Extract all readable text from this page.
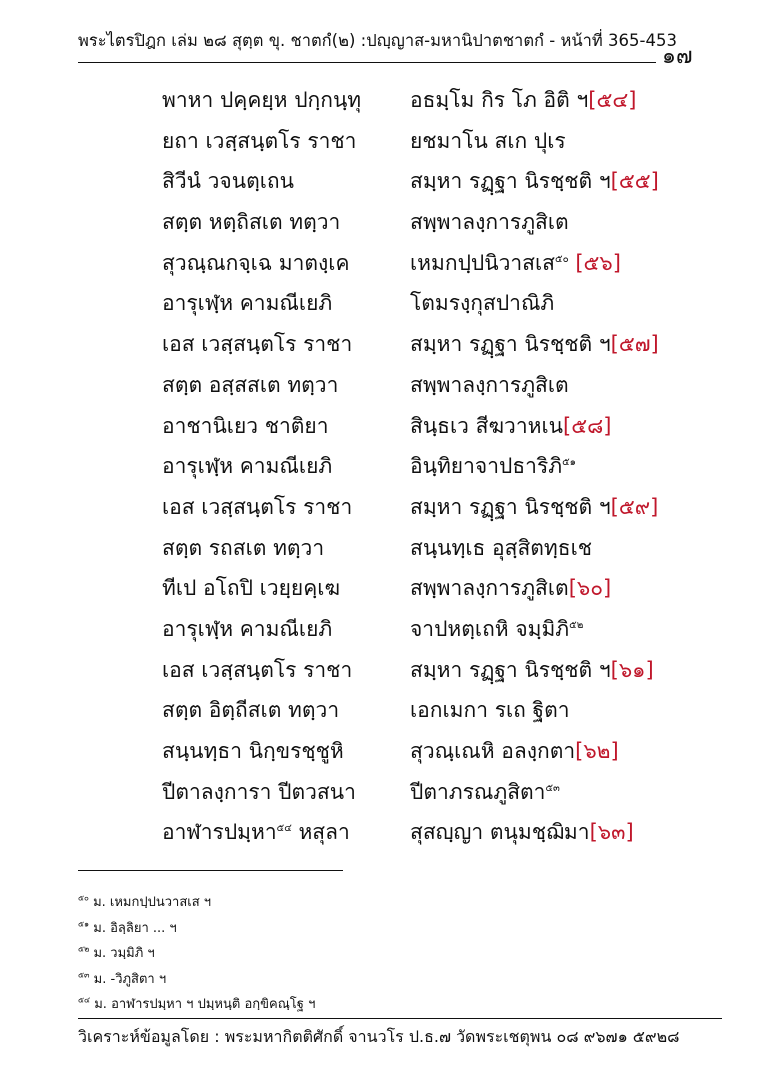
พระไตรปิฎก เล่ม ๒๘ สุตฺต ขุ. ชาตกํ(๒) :ปญฺญาส-มหานิปาตชาตกํ - หน้าที่ 365-453
๑๗
พาหา ปคฺคยฺห ปกฺกนฺทุ	อธมฺโม กิร โภ อิติ ฯ[๕๔]
ยถา เวสฺสนฺตโร ราชา	ยชมาโน สเก ปุเร
สิวีนํ วจนตฺเถน	สมฺหา รฏฺฐา นิรชฺชติ ฯ[๕๕]
สตฺต หตฺถิสเต ทตฺวา	สพฺพาลงฺการภูสิเต
สุวณฺณกจฺเฉ มาตงฺเค	เหมกปฺปนิวาสเส$^{๕๐}$ [๕๖]
อารุเฬฺห คามณีเยภิ	โตมรงฺกุสปาณิภิ
เอส เวสฺสนฺตโร ราชา	สมฺหา รฏฺฐา นิรชฺชติ ฯ[๕๗]
สตฺต อสฺสสเต ทตฺวา	สพฺพาลงฺการภูสิเต
อาชานิเยว ชาติยา	สินฺธเว สีฆวาหเน[๕๘]
อารุเฬฺห คามณีเยภิ	อินฺทิยาจาปธาริภิ$^{๕๑}$
เอส เวสฺสนฺตโร ราชา	สมฺหา รฏฺฐา นิรชฺชติ ฯ[๕๙]
สตฺต รถสเต ทตฺวา	สนฺนทฺเธ อุสฺสิตทฺธเช
ทีเป อโถปิ เวยฺยคฺเฆ	สพฺพาลงฺการภูสิเต[๖๐]
อารุเฬฺห คามณีเยภิ	จาปหตฺเถหิ จมฺมิภิ$^{๕๒}$
เอส เวสฺสนฺตโร ราชา	สมฺหา รฏฺฐา นิรชฺชติ ฯ[๖๑]
สตฺต อิตฺถีสเต ทตฺวา	เอกเมกา รเถ ฐิตา
สนฺนทฺธา นิกฺขรชฺชูหิ	สุวณฺเณหิ อลงฺกตา[๖๒]
ปีตาลงฺการา ปีตวสนา	ปีตาภรณภูสิตา$^{๕๓}$
อาฬารปมฺหา$^{๕๔}$ หสุลา	สุสญฺญา ตนุมชฺฌิมา[๖๓]
$^{๕๐}$ ม. เหมกปฺปนวาสเส ฯ
$^{๕๑}$ ม. อิลฺลิยา ... ฯ
$^{๕๒}$ ม. วมฺมิภิ ฯ
$^{๕๓}$ ม. -วิภูสิตา ฯ
$^{๕๔}$ ม. อาฬารปมฺหา ฯ ปมฺหนฺติ อกฺขิคณฺโฐ ฯ
วิเคราะห์ข้อมูลโดย : พระมหากิตติศักดิ์ จานวโร ป.ธ.๗ วัดพระเชตุพน ๐๘ ๙๖๗๑ ๕๙๒๘
